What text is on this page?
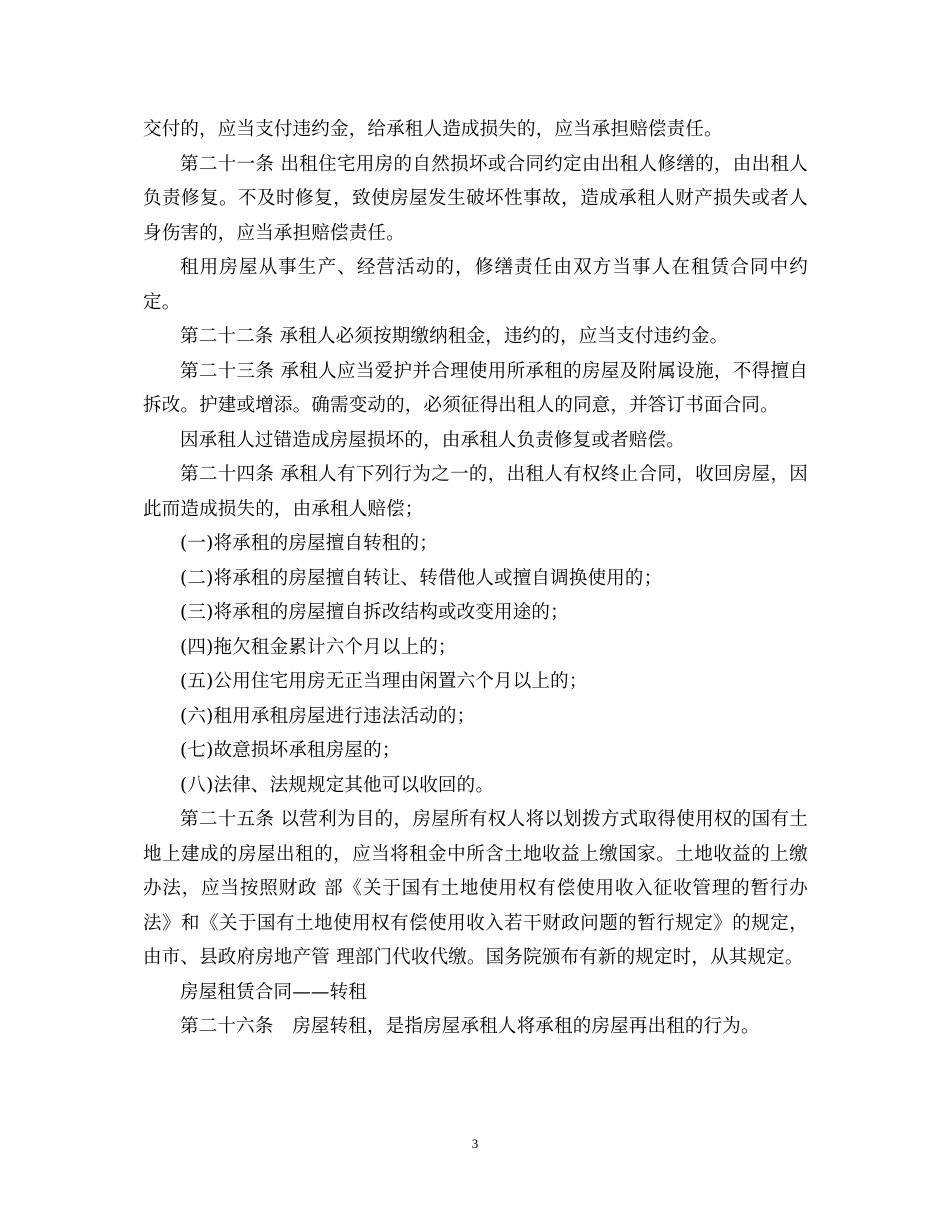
交付的，应当支付违约金，给承租人造成损失的，应当承担赔偿责任。

第二十一条 出租住宅用房的自然损坏或合同约定由出租人修缮的，由出租人负责修复。不及时修复，致使房屋发生破坏性事故，造成承租人财产损失或者人身伤害的，应当承担赔偿责任。

租用房屋从事生产、经营活动的，修缮责任由双方当事人在租赁合同中约定。

第二十二条 承租人必须按期缴纳租金，违约的，应当支付违约金。

第二十三条 承租人应当爱护并合理使用所承租的房屋及附属设施，不得擅自拆改。护建或增添。确需变动的，必须征得出租人的同意，并答订书面合同。

因承租人过错造成房屋损坏的，由承租人负责修复或者赔偿。

第二十四条 承租人有下列行为之一的，出租人有权终止合同，收回房屋，因此而造成损失的，由承租人赔偿；

(一)将承租的房屋擅自转租的；

(二)将承租的房屋擅自转让、转借他人或擅自调换使用的；

(三)将承租的房屋擅自拆改结构或改变用途的；

(四)拖欠租金累计六个月以上的；

(五)公用住宅用房无正当理由闲置六个月以上的；

(六)租用承租房屋进行违法活动的；

(七)故意损坏承租房屋的；

(八)法律、法规规定其他可以收回的。

第二十五条 以营利为目的，房屋所有权人将以划拨方式取得使用权的国有土地上建成的房屋出租的，应当将租金中所含土地收益上缴国家。土地收益的上缴办法，应当按照财政 部《关于国有土地使用权有偿使用收入征收管理的暂行办法》和《关于国有土地使用权有偿使用收入若干财政问题的暂行规定》的规定，由市、县政府房地产管 理部门代收代缴。国务院颁布有新的规定时，从其规定。

房屋租赁合同——转租

第二十六条　房屋转租，是指房屋承租人将承租的房屋再出租的行为。

3
